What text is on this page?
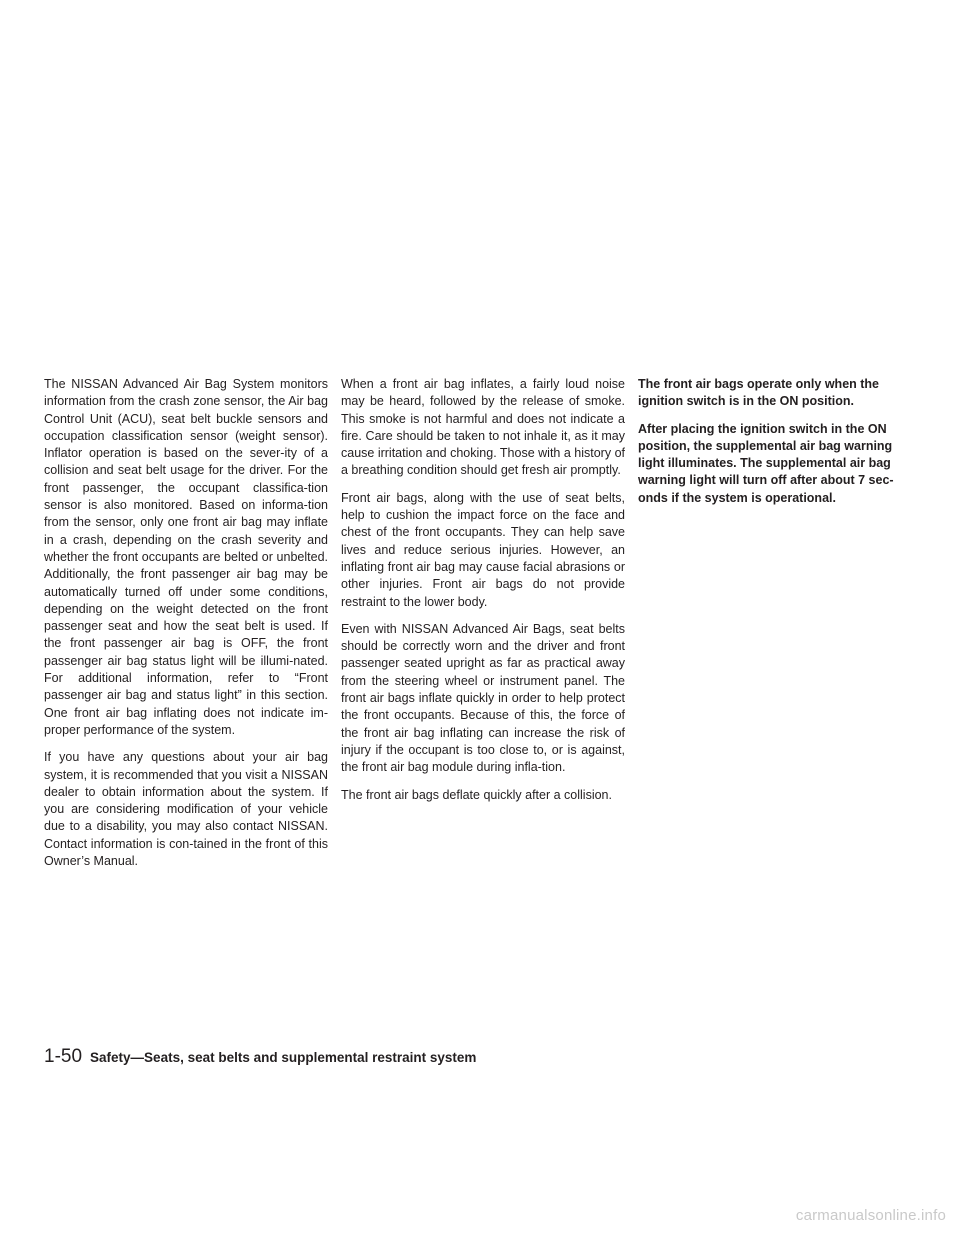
The NISSAN Advanced Air Bag System monitors information from the crash zone sensor, the Air bag Control Unit (ACU), seat belt buckle sensors and occupation classification sensor (weight sensor). Inflator operation is based on the sever-ity of a collision and seat belt usage for the driver. For the front passenger, the occupant classifica-tion sensor is also monitored. Based on informa-tion from the sensor, only one front air bag may inflate in a crash, depending on the crash severity and whether the front occupants are belted or unbelted. Additionally, the front passenger air bag may be automatically turned off under some conditions, depending on the weight detected on the front passenger seat and how the seat belt is used. If the front passenger air bag is OFF, the front passenger air bag status light will be illumi-nated. For additional information, refer to “Front passenger air bag and status light” in this section. One front air bag inflating does not indicate im-proper performance of the system.

If you have any questions about your air bag system, it is recommended that you visit a NISSAN dealer to obtain information about the system. If you are considering modification of your vehicle due to a disability, you may also contact NISSAN. Contact information is con-tained in the front of this Owner’s Manual.

When a front air bag inflates, a fairly loud noise may be heard, followed by the release of smoke. This smoke is not harmful and does not indicate a fire. Care should be taken to not inhale it, as it may cause irritation and choking. Those with a history of a breathing condition should get fresh air promptly.

Front air bags, along with the use of seat belts, help to cushion the impact force on the face and chest of the front occupants. They can help save lives and reduce serious injuries. However, an inflating front air bag may cause facial abrasions or other injuries. Front air bags do not provide restraint to the lower body.

Even with NISSAN Advanced Air Bags, seat belts should be correctly worn and the driver and front passenger seated upright as far as practical away from the steering wheel or instrument panel. The front air bags inflate quickly in order to help protect the front occupants. Because of this, the force of the front air bag inflating can increase the risk of injury if the occupant is too close to, or is against, the front air bag module during infla-tion.

The front air bags deflate quickly after a collision.

The front air bags operate only when the ignition switch is in the ON position.

After placing the ignition switch in the ON position, the supplemental air bag warning light illuminates. The supplemental air bag warning light will turn off after about 7 sec-onds if the system is operational.

1-50 Safety—Seats, seat belts and supplemental restraint system
carmanualsonline.info
